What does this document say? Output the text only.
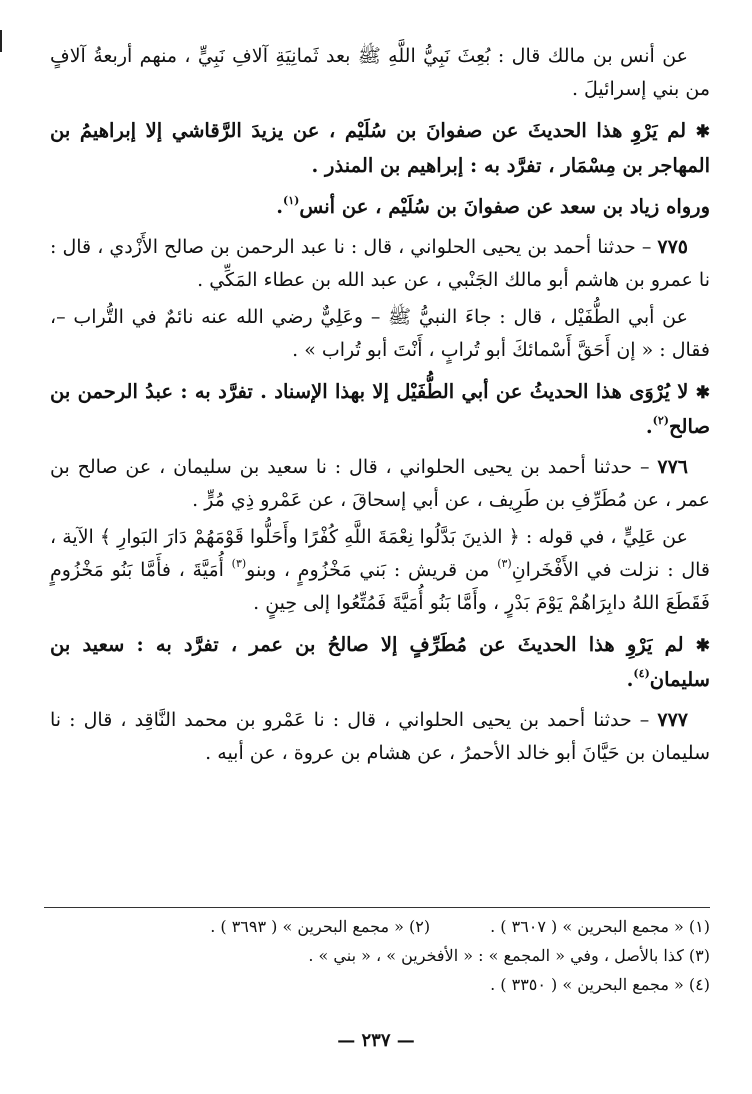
عن أنس بن مالك قال : بُعِثَ نَبِيُّ اللَّهِ ﷺ بعد ثَمانِيَةِ آلافِ نَبِيٍّ ، منهم أربعةُ آلافٍ من بني إسرائيلَ .

✱ لم يَرْوِ هذا الحديثَ عن صفوانَ بن سُلَيْم ، عن يزيدَ الرَّقاشي إلا إبراهيمُ بن المهاجر بن مِسْمَار ، تفرَّد به : إبراهيم بن المنذر .

ورواه زياد بن سعد عن صفوانَ بن سُلَيْم ، عن أنس$^{(١)}$.

٧٧٥ – حدثنا أحمد بن يحيى الحلواني ، قال : نا عبد الرحمن بن صالح الأَزْدي ، قال : نا عمرو بن هاشم أبو مالك الجَنْبي ، عن عبد الله بن عطاء المَكِّي .

عن أبي الطُّفَيْل ، قال : جاءَ النبيُّ ﷺ – وعَلِيٌّ رضي الله عنه نائمٌ في التُّراب –، فقال : « إن أَحَقَّ أَسْمائكَ أبو تُرابٍ ، أَنْتَ أبو تُراب » .

✱ لا يُرْوَى هذا الحديثُ عن أبي الطُّفَيْل إلا بهذا الإسناد . تفرَّد به : عبدُ الرحمن بن صالح$^{(٢)}$.

٧٧٦ – حدثنا أحمد بن يحيى الحلواني ، قال : نا سعيد بن سليمان ، عن صالح بن عمر ، عن مُطَرِّفِ بن طَرِيف ، عن أبي إسحاقَ ، عن عَمْرو ذِي مُرٍّ .

عن عَلِيٍّ ، في قوله : ﴿ الذينَ بَدَّلُوا نِعْمَةَ اللَّهِ كُفْرًا وأَحَلُّوا قَوْمَهُمْ دَارَ البَوارِ ﴾ الآية ، قال : نزلت في الأَفْخَرانِ$^{(٣)}$ من قريش : بَني مَخْزُومٍ ، وبنو$^{(٣)}$ أُمَيَّةَ ، فأَمَّا بَنُو مَخْزُومٍ فَقَطَعَ اللهُ دابِرَاهُمْ يَوْمَ بَدْرٍ ، وأَمَّا بَنُو أُمَيَّةَ فَمُتِّعُوا إلى حِينٍ .

✱ لم يَرْوِ هذا الحديثَ عن مُطَرِّفٍ إلا صالحُ بن عمر ، تفرَّد به : سعيد بن سليمان$^{(٤)}$.

٧٧٧ – حدثنا أحمد بن يحيى الحلواني ، قال : نا عَمْرو بن محمد النَّاقِد ، قال : نا سليمان بن حَيَّانَ أبو خالد الأحمرُ ، عن هشام بن عروة ، عن أبيه .

(١) « مجمع البحرين » ( ٣٦٠٧ ) .
(٢) « مجمع البحرين » ( ٣٦٩٣ ) .
(٣) كذا بالأصل ، وفي « المجمع » : « الأفخرين » ، « بني » .
(٤) « مجمع البحرين » ( ٣٣٥٠ ) .
— ٢٣٧ —
